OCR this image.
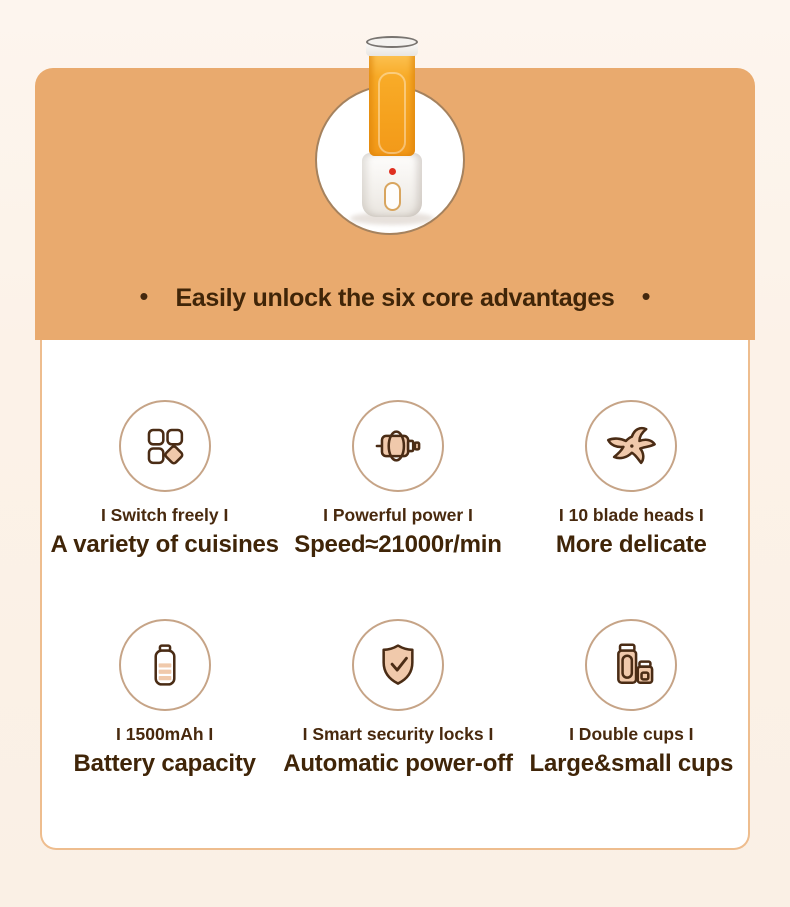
• Easily unlock the six core advantages •
I Switch freely I
A variety of cuisines
I Powerful power I
Speed≈21000r/min
I 10 blade heads I
More delicate
I 1500mAh I
Battery capacity
I Smart security locks I
Automatic power-off
I Double cups I
Large&small cups
